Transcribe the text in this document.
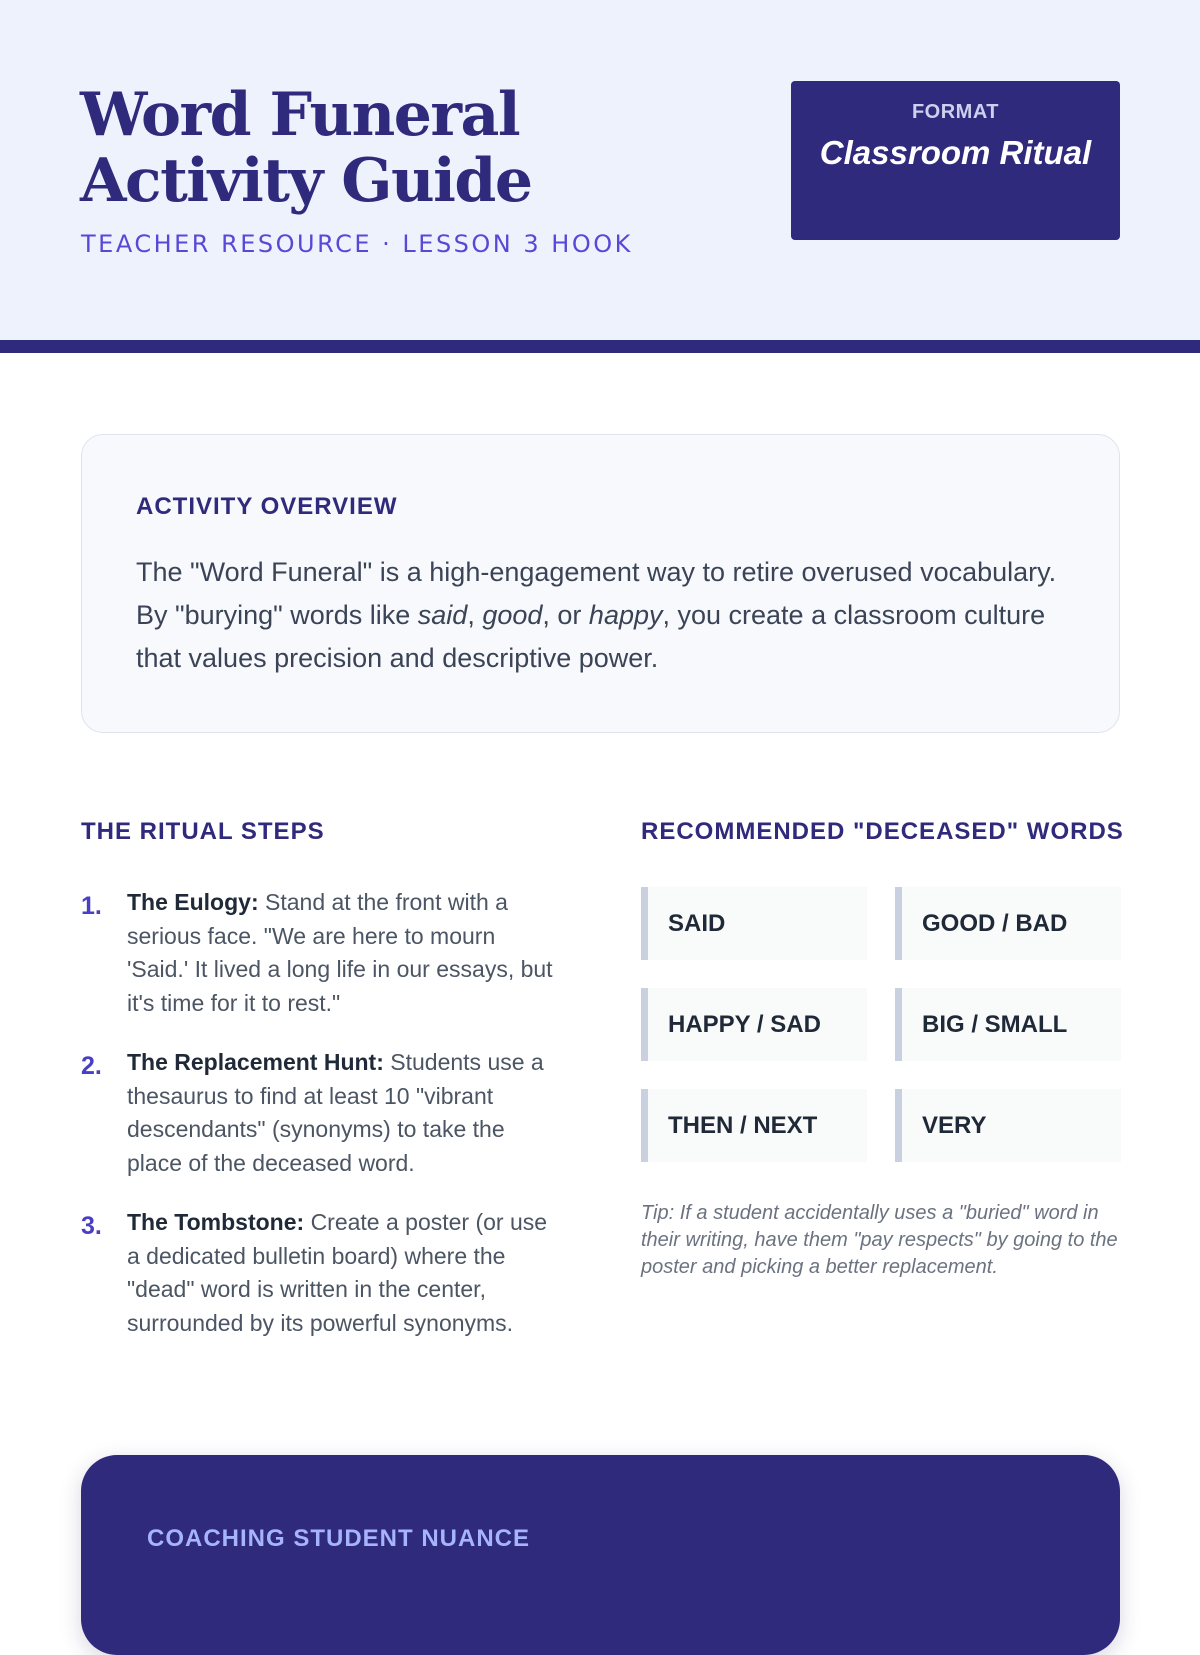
Word Funeral Activity Guide
TEACHER RESOURCE · LESSON 3 HOOK
FORMAT
Classroom Ritual
ACTIVITY OVERVIEW

The "Word Funeral" is a high-engagement way to retire overused vocabulary. By "burying" words like said, good, or happy, you create a classroom culture that values precision and descriptive power.

THE RITUAL STEPS
1.	The Eulogy: Stand at the front with a serious face. "We are here to mourn 'Said.' It lived a long life in our essays, but it's time for it to rest."
2.	The Replacement Hunt: Students use a thesaurus to find at least 10 "vibrant descendants" (synonyms) to take the place of the deceased word.
3.	The Tombstone: Create a poster (or use a dedicated bulletin board) where the "dead" word is written in the center, surrounded by its powerful synonyms.
RECOMMENDED "DECEASED" WORDS
SAID	GOOD / BAD
HAPPY / SAD	BIG / SMALL
THEN / NEXT	VERY

Tip: If a student accidentally uses a "buried" word in their writing, have them "pay respects" by going to the poster and picking a better replacement.

COACHING STUDENT NUANCE
